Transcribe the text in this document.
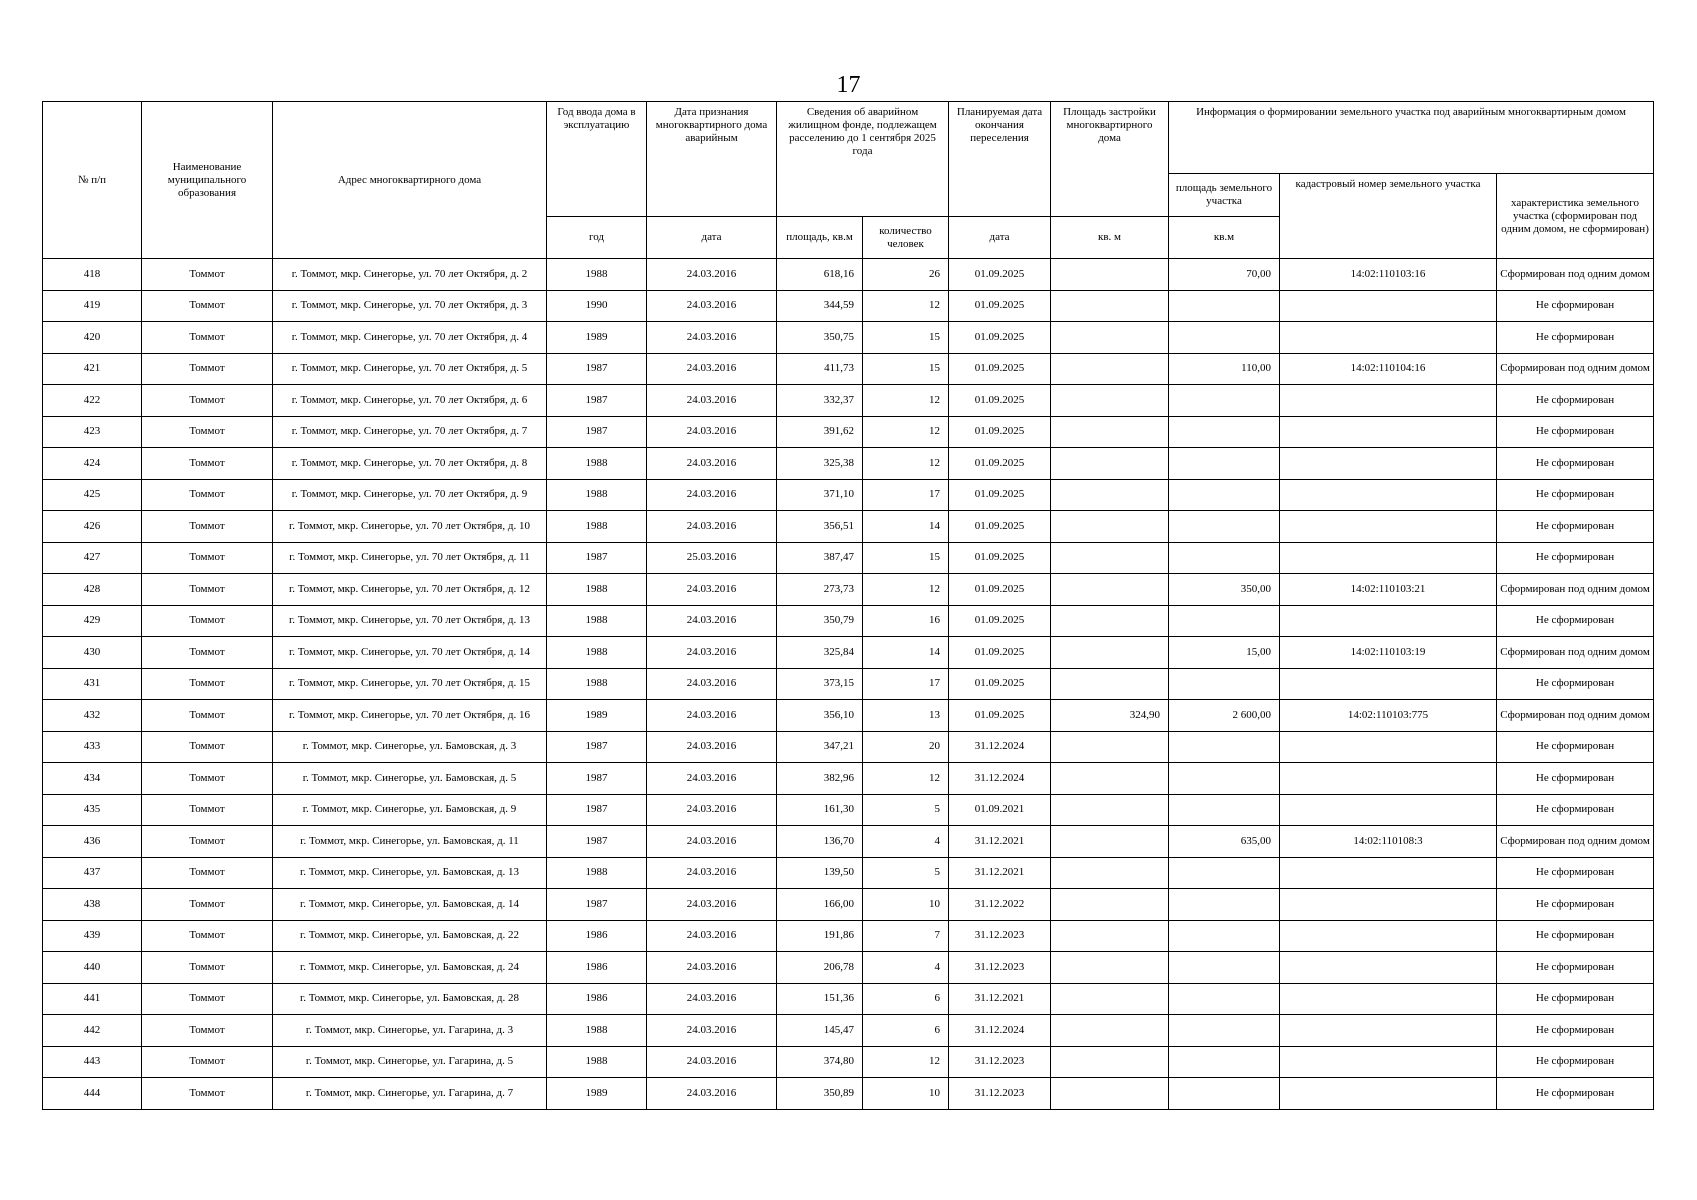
17
№ п/п	Наименование муниципального образования	Адрес многоквартирного дома	Год ввода дома в эксплуатацию	Дата признания многоквартирного дома аварийным	Сведения об аварийном жилищном фонде, подлежащем расселению до 1 сентября 2025 года		Планируемая дата окончания переселения	Площадь застройки многоквартирного дома	Информация о формировании земельного участка под аварийным многоквартирным домом		
									площадь земельного участка	кадастровый номер земельного участка	характеристика земельного участка (сформирован под одним домом, не сформирован)
			год	дата	площадь, кв.м	количество человек	дата	кв. м	кв.м		
418	Томмот	г. Томмот, мкр. Синегорье, ул. 70 лет Октября, д. 2	1988	24.03.2016	618,16	26	01.09.2025		70,00	14:02:110103:16	Сформирован под одним домом
419	Томмот	г. Томмот, мкр. Синегорье, ул. 70 лет Октября, д. 3	1990	24.03.2016	344,59	12	01.09.2025				Не сформирован
420	Томмот	г. Томмот, мкр. Синегорье, ул. 70 лет Октября, д. 4	1989	24.03.2016	350,75	15	01.09.2025				Не сформирован
421	Томмот	г. Томмот, мкр. Синегорье, ул. 70 лет Октября, д. 5	1987	24.03.2016	411,73	15	01.09.2025		110,00	14:02:110104:16	Сформирован под одним домом
422	Томмот	г. Томмот, мкр. Синегорье, ул. 70 лет Октября, д. 6	1987	24.03.2016	332,37	12	01.09.2025				Не сформирован
423	Томмот	г. Томмот, мкр. Синегорье, ул. 70 лет Октября, д. 7	1987	24.03.2016	391,62	12	01.09.2025				Не сформирован
424	Томмот	г. Томмот, мкр. Синегорье, ул. 70 лет Октября, д. 8	1988	24.03.2016	325,38	12	01.09.2025				Не сформирован
425	Томмот	г. Томмот, мкр. Синегорье, ул. 70 лет Октября, д. 9	1988	24.03.2016	371,10	17	01.09.2025				Не сформирован
426	Томмот	г. Томмот, мкр. Синегорье, ул. 70 лет Октября, д. 10	1988	24.03.2016	356,51	14	01.09.2025				Не сформирован
427	Томмот	г. Томмот, мкр. Синегорье, ул. 70 лет Октября, д. 11	1987	25.03.2016	387,47	15	01.09.2025				Не сформирован
428	Томмот	г. Томмот, мкр. Синегорье, ул. 70 лет Октября, д. 12	1988	24.03.2016	273,73	12	01.09.2025		350,00	14:02:110103:21	Сформирован под одним домом
429	Томмот	г. Томмот, мкр. Синегорье, ул. 70 лет Октября, д. 13	1988	24.03.2016	350,79	16	01.09.2025				Не сформирован
430	Томмот	г. Томмот, мкр. Синегорье, ул. 70 лет Октября, д. 14	1988	24.03.2016	325,84	14	01.09.2025		15,00	14:02:110103:19	Сформирован под одним домом
431	Томмот	г. Томмот, мкр. Синегорье, ул. 70 лет Октября, д. 15	1988	24.03.2016	373,15	17	01.09.2025				Не сформирован
432	Томмот	г. Томмот, мкр. Синегорье, ул. 70 лет Октября, д. 16	1989	24.03.2016	356,10	13	01.09.2025	324,90	2 600,00	14:02:110103:775	Сформирован под одним домом
433	Томмот	г. Томмот, мкр. Синегорье, ул. Бамовская, д. 3	1987	24.03.2016	347,21	20	31.12.2024				Не сформирован
434	Томмот	г. Томмот, мкр. Синегорье, ул. Бамовская, д. 5	1987	24.03.2016	382,96	12	31.12.2024				Не сформирован
435	Томмот	г. Томмот, мкр. Синегорье, ул. Бамовская, д. 9	1987	24.03.2016	161,30	5	01.09.2021				Не сформирован
436	Томмот	г. Томмот, мкр. Синегорье, ул. Бамовская, д. 11	1987	24.03.2016	136,70	4	31.12.2021		635,00	14:02:110108:3	Сформирован под одним домом
437	Томмот	г. Томмот, мкр. Синегорье, ул. Бамовская, д. 13	1988	24.03.2016	139,50	5	31.12.2021				Не сформирован
438	Томмот	г. Томмот, мкр. Синегорье, ул. Бамовская, д. 14	1987	24.03.2016	166,00	10	31.12.2022				Не сформирован
439	Томмот	г. Томмот, мкр. Синегорье, ул. Бамовская, д. 22	1986	24.03.2016	191,86	7	31.12.2023				Не сформирован
440	Томмот	г. Томмот, мкр. Синегорье, ул. Бамовская, д. 24	1986	24.03.2016	206,78	4	31.12.2023				Не сформирован
441	Томмот	г. Томмот, мкр. Синегорье, ул. Бамовская, д. 28	1986	24.03.2016	151,36	6	31.12.2021				Не сформирован
442	Томмот	г. Томмот, мкр. Синегорье, ул. Гагарина, д. 3	1988	24.03.2016	145,47	6	31.12.2024				Не сформирован
443	Томмот	г. Томмот, мкр. Синегорье, ул. Гагарина, д. 5	1988	24.03.2016	374,80	12	31.12.2023				Не сформирован
444	Томмот	г. Томмот, мкр. Синегорье, ул. Гагарина, д. 7	1989	24.03.2016	350,89	10	31.12.2023				Не сформирован
